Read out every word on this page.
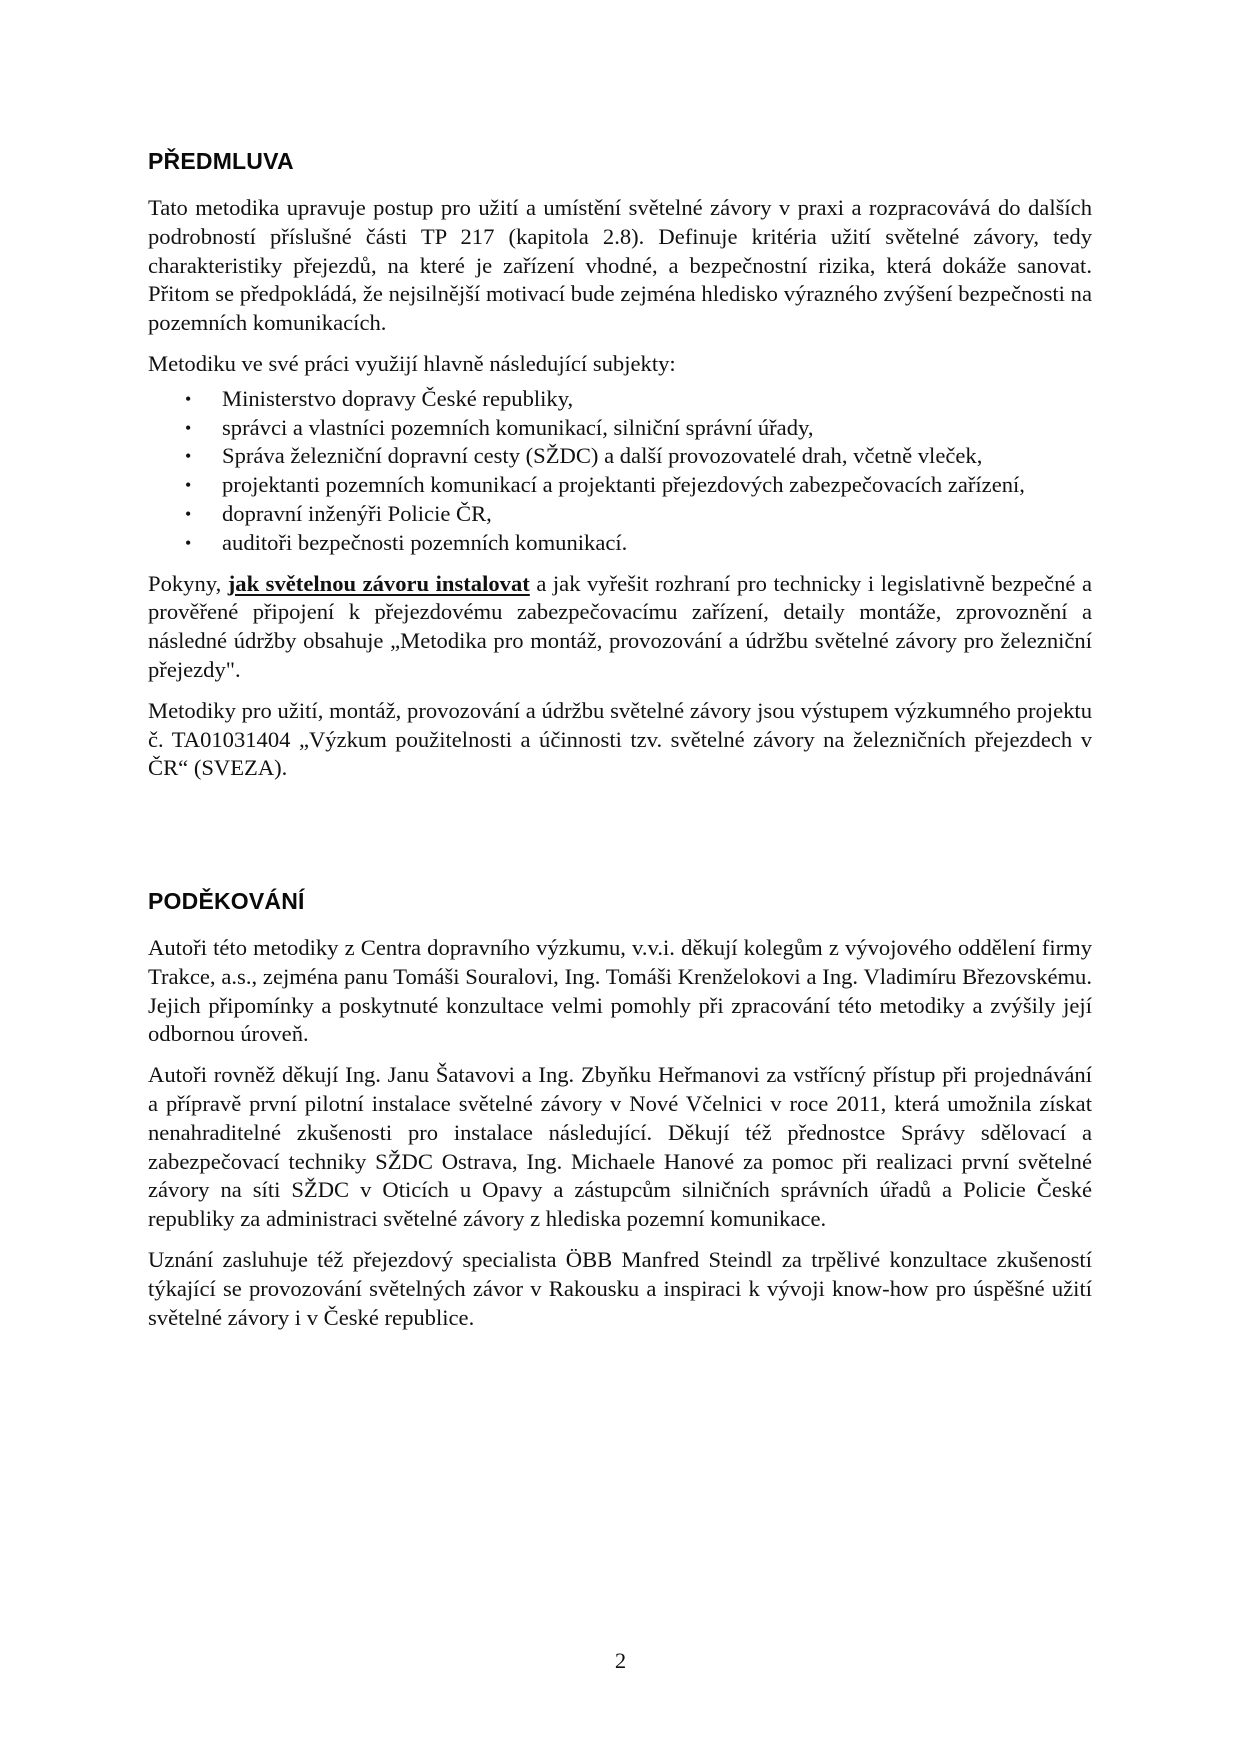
PŘEDMLUVA

Tato metodika upravuje postup pro užití a umístění světelné závory v praxi a rozpracovává do dalších podrobností příslušné části TP 217 (kapitola 2.8). Definuje kritéria užití světelné závory, tedy charakteristiky přejezdů, na které je zařízení vhodné, a bezpečnostní rizika, která dokáže sanovat. Přitom se předpokládá, že nejsilnější motivací bude zejména hledisko výrazného zvýšení bezpečnosti na pozemních komunikacích.

Metodiku ve své práci využijí hlavně následující subjekty:

• Ministerstvo dopravy České republiky,
• správci a vlastníci pozemních komunikací, silniční správní úřady,
• Správa železniční dopravní cesty (SŽDC) a další provozovatelé drah, včetně vleček,
• projektanti pozemních komunikací a projektanti přejezdových zabezpečovacích zařízení,
• dopravní inženýři Policie ČR,
• auditoři bezpečnosti pozemních komunikací.

Pokyny, jak světelnou závoru instalovat a jak vyřešit rozhraní pro technicky i legislativně bezpečné a prověřené připojení k přejezdovému zabezpečovacímu zařízení, detaily montáže, zprovoznění a následné údržby obsahuje „Metodika pro montáž, provozování a údržbu světelné závory pro železniční přejezdy".

Metodiky pro užití, montáž, provozování a údržbu světelné závory jsou výstupem výzkumného projektu č. TA01031404 „Výzkum použitelnosti a účinnosti tzv. světelné závory na železničních přejezdech v ČR“ (SVEZA).

PODĚKOVÁNÍ

Autoři této metodiky z Centra dopravního výzkumu, v.v.i. děkují kolegům z vývojového oddělení firmy Trakce, a.s., zejména panu Tomáši Souralovi, Ing. Tomáši Krenželokovi a Ing. Vladimíru Březovskému. Jejich připomínky a poskytnuté konzultace velmi pomohly při zpracování této metodiky a zvýšily její odbornou úroveň.

Autoři rovněž děkují Ing. Janu Šatavovi a Ing. Zbyňku Heřmanovi za vstřícný přístup při projednávání a přípravě první pilotní instalace světelné závory v Nové Včelnici v roce 2011, která umožnila získat nenahraditelné zkušenosti pro instalace následující. Děkují též přednostce Správy sdělovací a zabezpečovací techniky SŽDC Ostrava, Ing. Michaele Hanové za pomoc při realizaci první světelné závory na síti SŽDC v Oticích u Opavy a zástupcům silničních správních úřadů a Policie České republiky za administraci světelné závory z hlediska pozemní komunikace.

Uznání zasluhuje též přejezdový specialista ÖBB Manfred Steindl za trpělivé konzultace zkušeností týkající se provozování světelných závor v Rakousku a inspiraci k vývoji know-how pro úspěšné užití světelné závory i v České republice.

2
